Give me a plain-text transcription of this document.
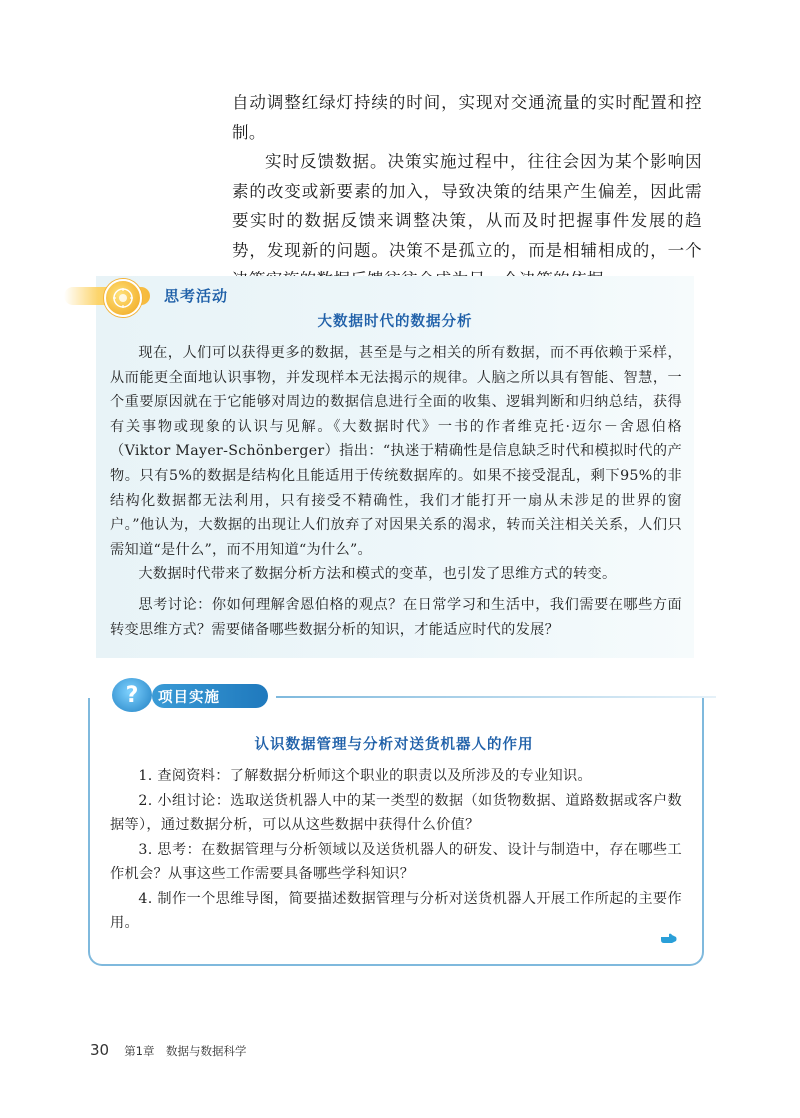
自动调整红绿灯持续的时间，实现对交通流量的实时配置和控制。

实时反馈数据。决策实施过程中，往往会因为某个影响因素的改变或新要素的加入，导致决策的结果产生偏差，因此需要实时的数据反馈来调整决策，从而及时把握事件发展的趋势，发现新的问题。决策不是孤立的，而是相辅相成的，一个

思考活动
大数据时代的数据分析

现在，人们可以获得更多的数据，甚至是与之相关的所有数据，而不再依赖于采样，从而能更全面地认识事物，并发现样本无法揭示的规律。人脑之所以具有智能、智慧，一个重要原因就在于它能够对周边的数据信息进行全面的收集、逻辑判断和归纳总结，获得有关事物或现象的认识与见解。《大数据时代》一书的作者维克托·迈尔－舍恩伯格（Viktor Mayer-Schönberger）指出：“执迷于精确性是信息缺乏时代和模拟时代的产物。只有5%的数据是结构化且能适用于传统数据库的。如果不接受混乱，剩下95%的非结构化数据都无法利用，只有接受不精确性，我们才能打开一扇从未涉足的世界的窗户。”他认为，大数据的出现让人们放弃了对因果关系的渴求，转而关注相关关系，人们只需知道“是什么”，而不用知道“为什么”。

大数据时代带来了数据分析方法和模式的变革，也引发了思维方式的转变。

思考讨论：你如何理解舍恩伯格的观点？在日常学习和生活中，我们需要在哪些方面转变思维方式？需要储备哪些数据分析的知识，才能适应时代的发展？

?	项目实施
认识数据管理与分析对送货机器人的作用

1. 查阅资料：了解数据分析师这个职业的职责以及所涉及的专业知识。

2. 小组讨论：选取送货机器人中的某一类型的数据（如货物数据、道路数据或客户数据等），通过数据分析，可以从这些数据中获得什么价值？

3. 思考：在数据管理与分析领域以及送货机器人的研发、设计与制造中，存在哪些工作机会？从事这些工作需要具备哪些学科知识？

4. 制作一个思维导图，简要描述数据管理与分析对送货机器人开展工作所起的主要作用。

30 第1章　数据与数据科学
